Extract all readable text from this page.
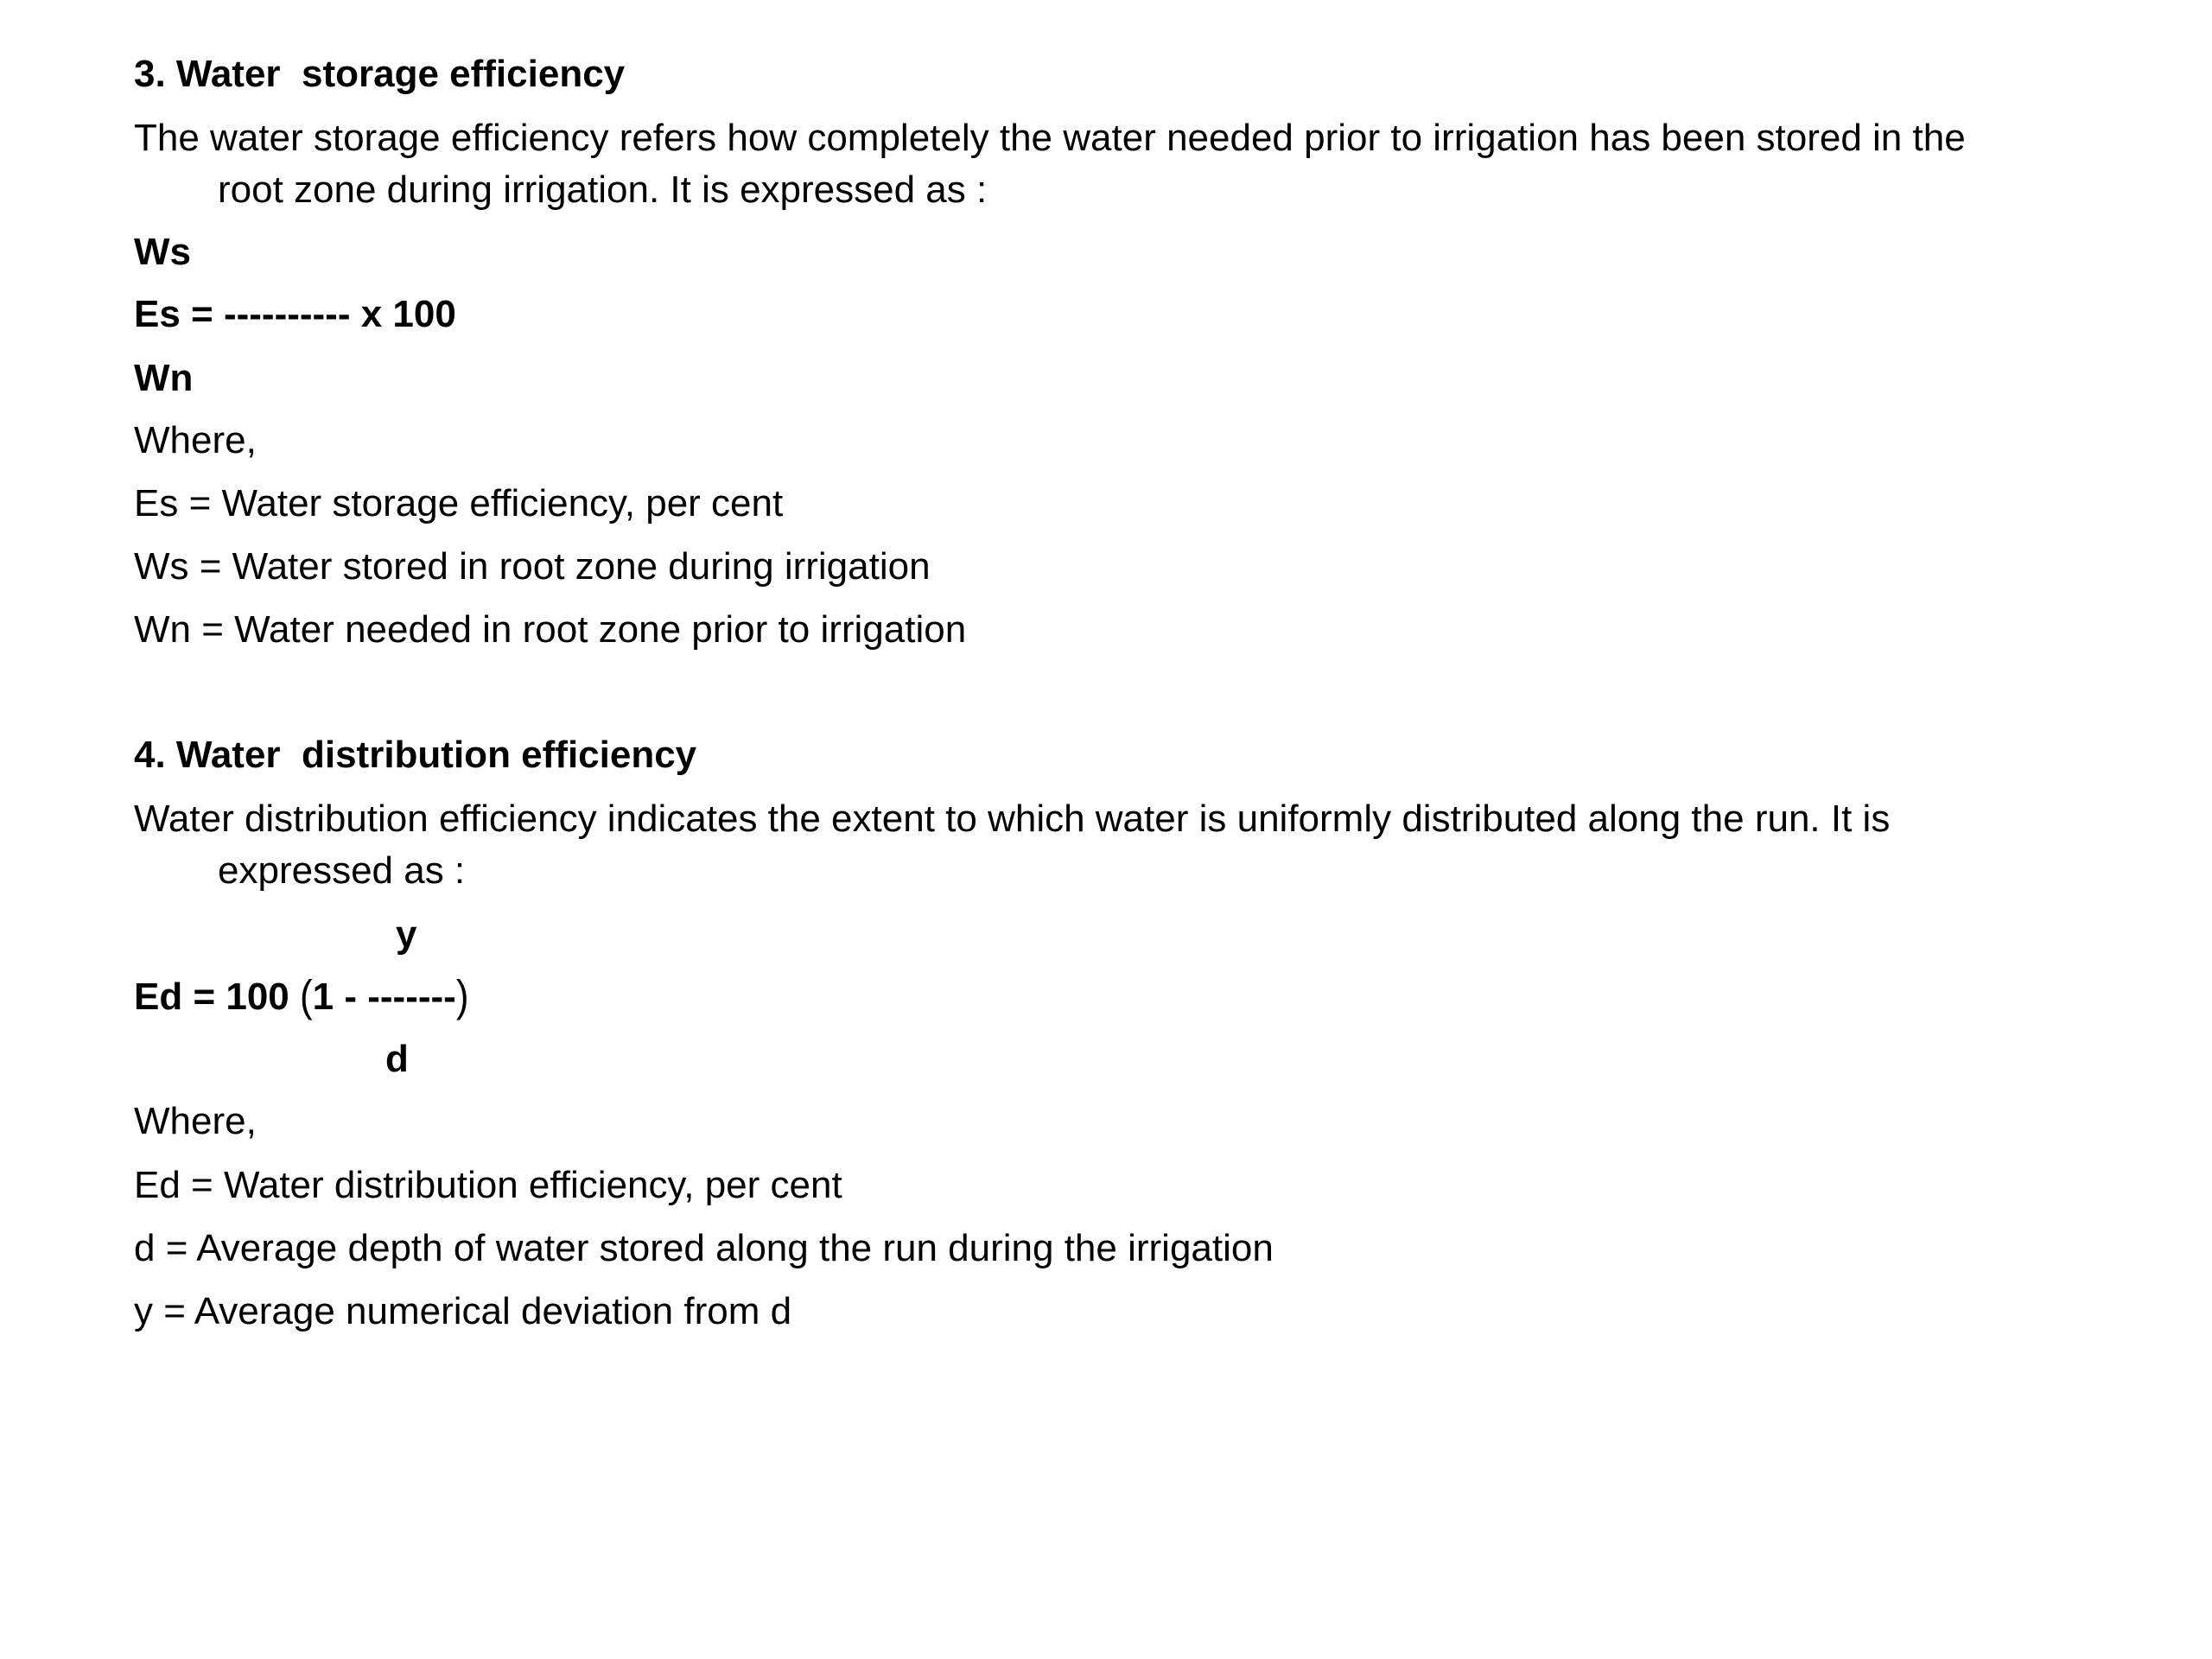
3. Water  storage efficiency
The water storage efficiency refers how completely the water needed prior to irrigation has been stored in the
root zone during irrigation. It is expressed as :
Ws
Es = ---------- x 100
Wn
Where,
Es = Water storage efficiency, per cent
Ws = Water stored in root zone during irrigation
Wn = Water needed in root zone prior to irrigation
4. Water  distribution efficiency
Water distribution efficiency indicates the extent to which water is uniformly distributed along the run. It is
expressed as :
y
Ed = 100 (1 - -------)
d
Where,
Ed = Water distribution efficiency, per cent
d = Average depth of water stored along the run during the irrigation
y = Average numerical deviation from d
